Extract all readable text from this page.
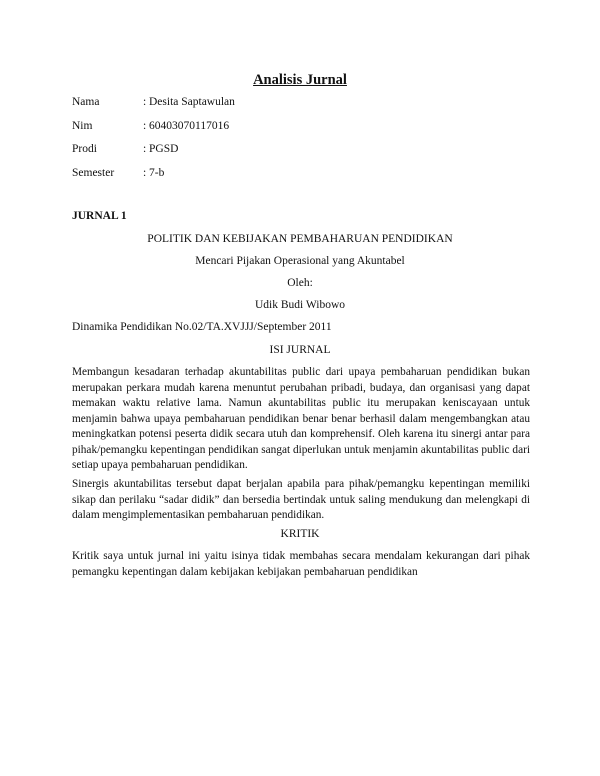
Analisis Jurnal
Nama	: Desita Saptawulan
Nim	: 60403070117016
Prodi	: PGSD
Semester	: 7-b
JURNAL 1
POLITIK DAN KEBIJAKAN PEMBAHARUAN PENDIDIKAN
Mencari Pijakan Operasional yang Akuntabel
Oleh:
Udik Budi Wibowo
Dinamika Pendidikan No.02/TA.XVJJJ/September 2011
ISI JURNAL

Membangun kesadaran terhadap akuntabilitas public dari upaya pembaharuan pendidikan bukan merupakan perkara mudah karena menuntut perubahan pribadi, budaya, dan organisasi yang dapat memakan waktu relative lama. Namun akuntabilitas public itu merupakan keniscayaan untuk menjamin bahwa upaya pembaharuan pendidikan benar benar berhasil dalam mengembangkan atau meningkatkan potensi peserta didik secara utuh dan komprehensif. Oleh karena itu sinergi antar para pihak/pemangku kepentingan pendidikan sangat diperlukan untuk menjamin akuntabilitas public dari setiap upaya pembaharuan pendidikan.

Sinergis akuntabilitas tersebut dapat berjalan apabila para pihak/pemangku kepentingan memiliki sikap dan perilaku “sadar didik” dan bersedia bertindak untuk saling mendukung dan melengkapi di dalam mengimplementasikan pembaharuan pendidikan.

KRITIK

Kritik saya untuk jurnal ini yaitu isinya tidak membahas secara mendalam kekurangan dari pihak pemangku kepentingan dalam kebijakan kebijakan pembaharuan pendidikan
